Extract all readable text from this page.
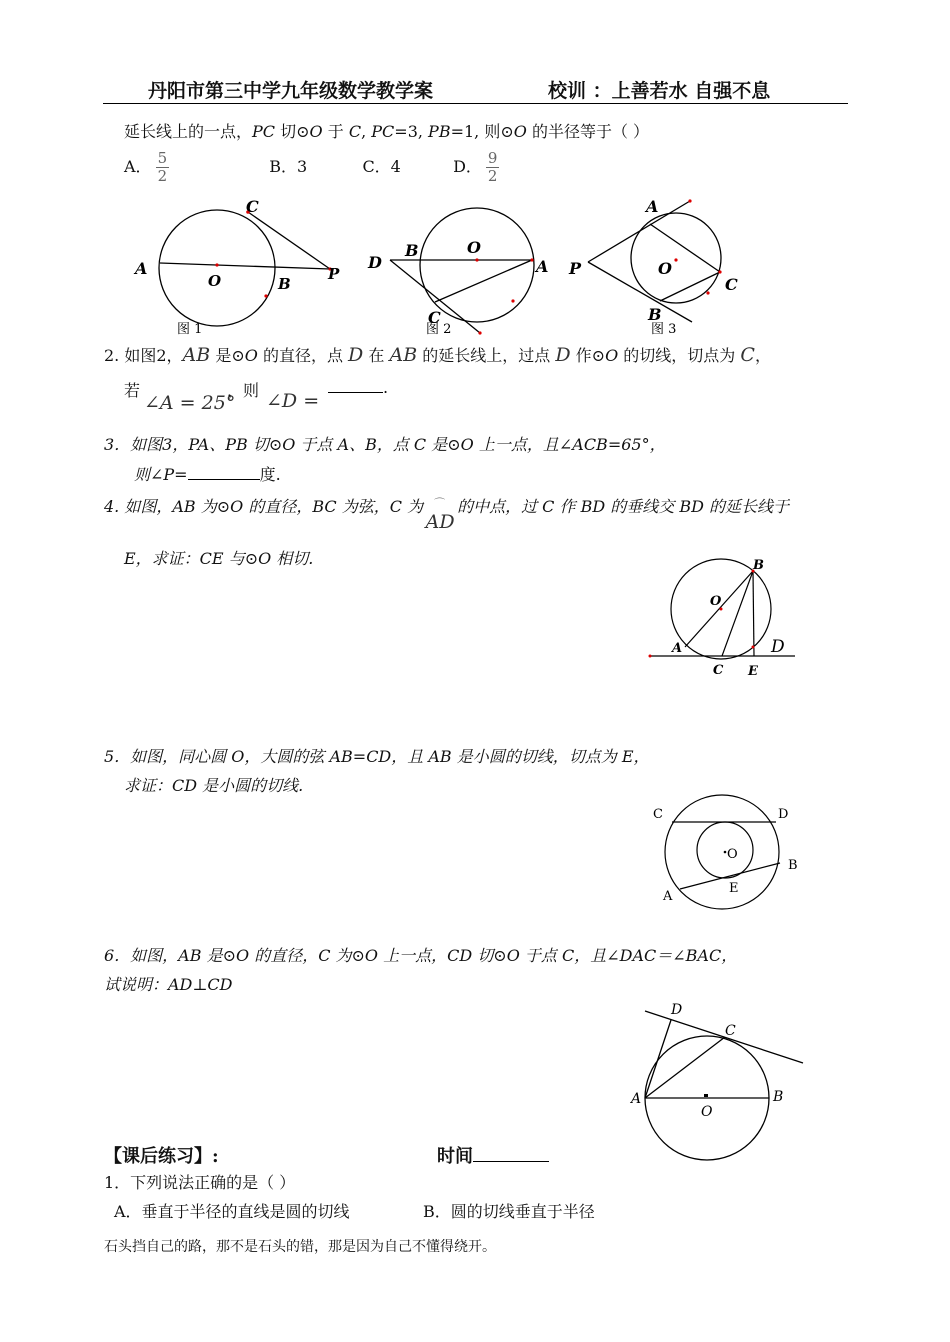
丹阳市第三中学九年级数学教学案	校训 ：上善若水 自强不息
延长线上的一点，PC 切⊙O 于 C, PC=3, PB=1, 则⊙O 的半径等于（ ）
A． $\frac{5}{2}$	B．3	C．4	D． $\frac{9}{2}$
A
C
O	B
P
图 1
D
B	O
A
C
图 2
A
P	O
C
B
图 3
2. 如图2，AB 是⊙O 的直径，点 D 在 AB 的延长线上，过点 D 作⊙O 的切线，切点为 C，
若
∠A = 25°
，则 ∠D =
.
3．如图3，PA、PB 切⊙O 于点 A、B，点 C 是⊙O 上一点，且∠ACB=65°，
则∠P=	度.
4. 如图，AB 为⊙O 的直径，BC 为弦，C 为 ⌒
AD的中点，过 C 作 BD 的垂线交 BD 的延长线于
E，求证：CE 与⊙O 相切.	B
O
A
C E
D
5．如图，同心圆 O，大圆的弦 AB=CD，且 AB 是小圆的切线，切点为 E，
求证：CD 是小圆的切线.
C	D
O
B
E
A
6．如图，AB 是⊙O 的直径，C 为⊙O 上一点，CD 切⊙O 于点 C，且∠DAC＝∠BAC，
试说明：AD⊥CD
D
C
A	B
O
【课后练习】:	时间
1．下列说法正确的是（ ）
A．垂直于半径的直线是圆的切线	B．圆的切线垂直于半径
石头挡自己的路，那不是石头的错，那是因为自己不懂得绕开。
